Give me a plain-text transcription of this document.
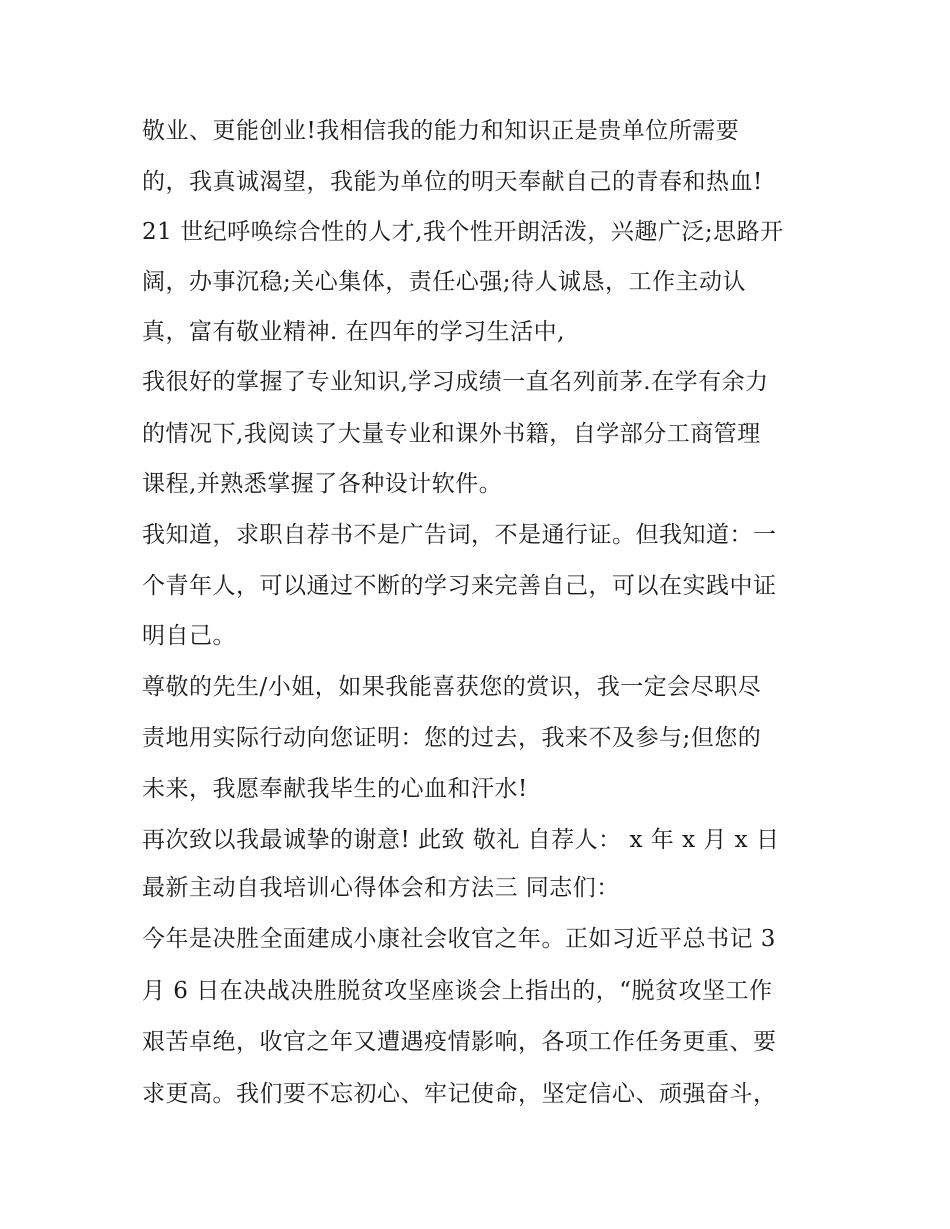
敬业、更能创业!我相信我的能力和知识正是贵单位所需要
的，我真诚渴望，我能为单位的明天奉献自己的青春和热血!
21 世纪呼唤综合性的人才,我个性开朗活泼，兴趣广泛;思路开
阔，办事沉稳;关心集体，责任心强;待人诚恳，工作主动认
真，富有敬业精神. 在四年的学习生活中,
我很好的掌握了专业知识,学习成绩一直名列前茅.在学有余力
的情况下,我阅读了大量专业和课外书籍，自学部分工商管理
课程,并熟悉掌握了各种设计软件。
我知道，求职自荐书不是广告词，不是通行证。但我知道：一
个青年人，可以通过不断的学习来完善自己，可以在实践中证
明自己。
尊敬的先生/小姐，如果我能喜获您的赏识，我一定会尽职尽
责地用实际行动向您证明：您的过去，我来不及参与;但您的
未来，我愿奉献我毕生的心血和汗水!
再次致以我最诚挚的谢意! 此致 敬礼 自荐人： x 年 x 月 x 日
最新主动自我培训心得体会和方法三 同志们：
今年是决胜全面建成小康社会收官之年。正如习近平总书记 3
月 6 日在决战决胜脱贫攻坚座谈会上指出的，“脱贫攻坚工作
艰苦卓绝，收官之年又遭遇疫情影响，各项工作任务更重、要
求更高。我们要不忘初心、牢记使命，坚定信心、顽强奋斗，
